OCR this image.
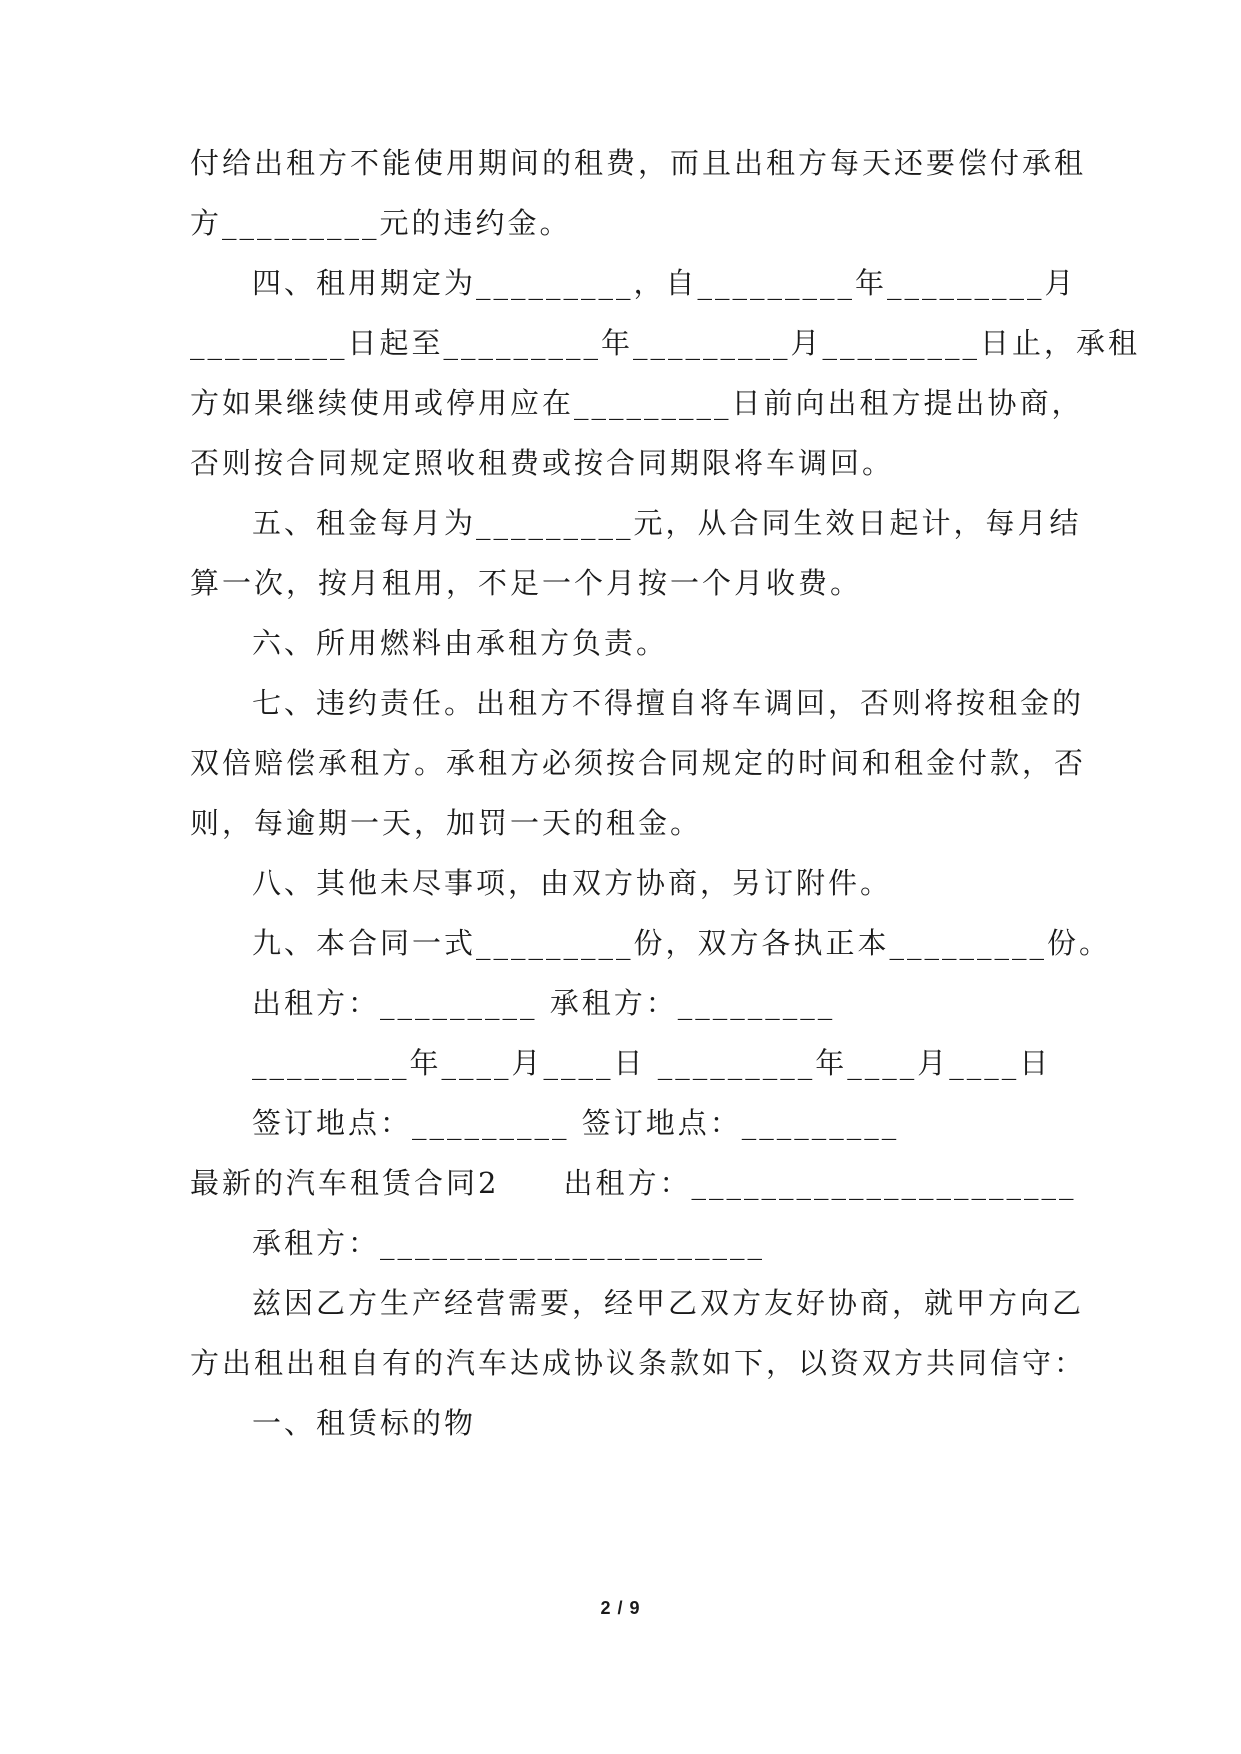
付给出租方不能使用期间的租费，而且出租方每天还要偿付承租
方_________元的违约金。
四、租用期定为_________，自_________年_________月
_________日起至_________年_________月_________日止，承租
方如果继续使用或停用应在_________日前向出租方提出协商，
否则按合同规定照收租费或按合同期限将车调回。
五、租金每月为_________元，从合同生效日起计，每月结
算一次，按月租用，不足一个月按一个月收费。
六、所用燃料由承租方负责。
七、违约责任。出租方不得擅自将车调回，否则将按租金的
双倍赔偿承租方。承租方必须按合同规定的时间和租金付款，否
则，每逾期一天，加罚一天的租金。
八、其他未尽事项，由双方协商，另订附件。
九、本合同一式_________份，双方各执正本_________份。
出租方：_________ 承租方：_________
_________年____月____日 _________年____月____日
签订地点：_________ 签订地点：_________
最新的汽车租赁合同2　　出租方：______________________
承租方：______________________
兹因乙方生产经营需要，经甲乙双方友好协商，就甲方向乙
方出租出租自有的汽车达成协议条款如下，以资双方共同信守：
一、租赁标的物
2 / 9
